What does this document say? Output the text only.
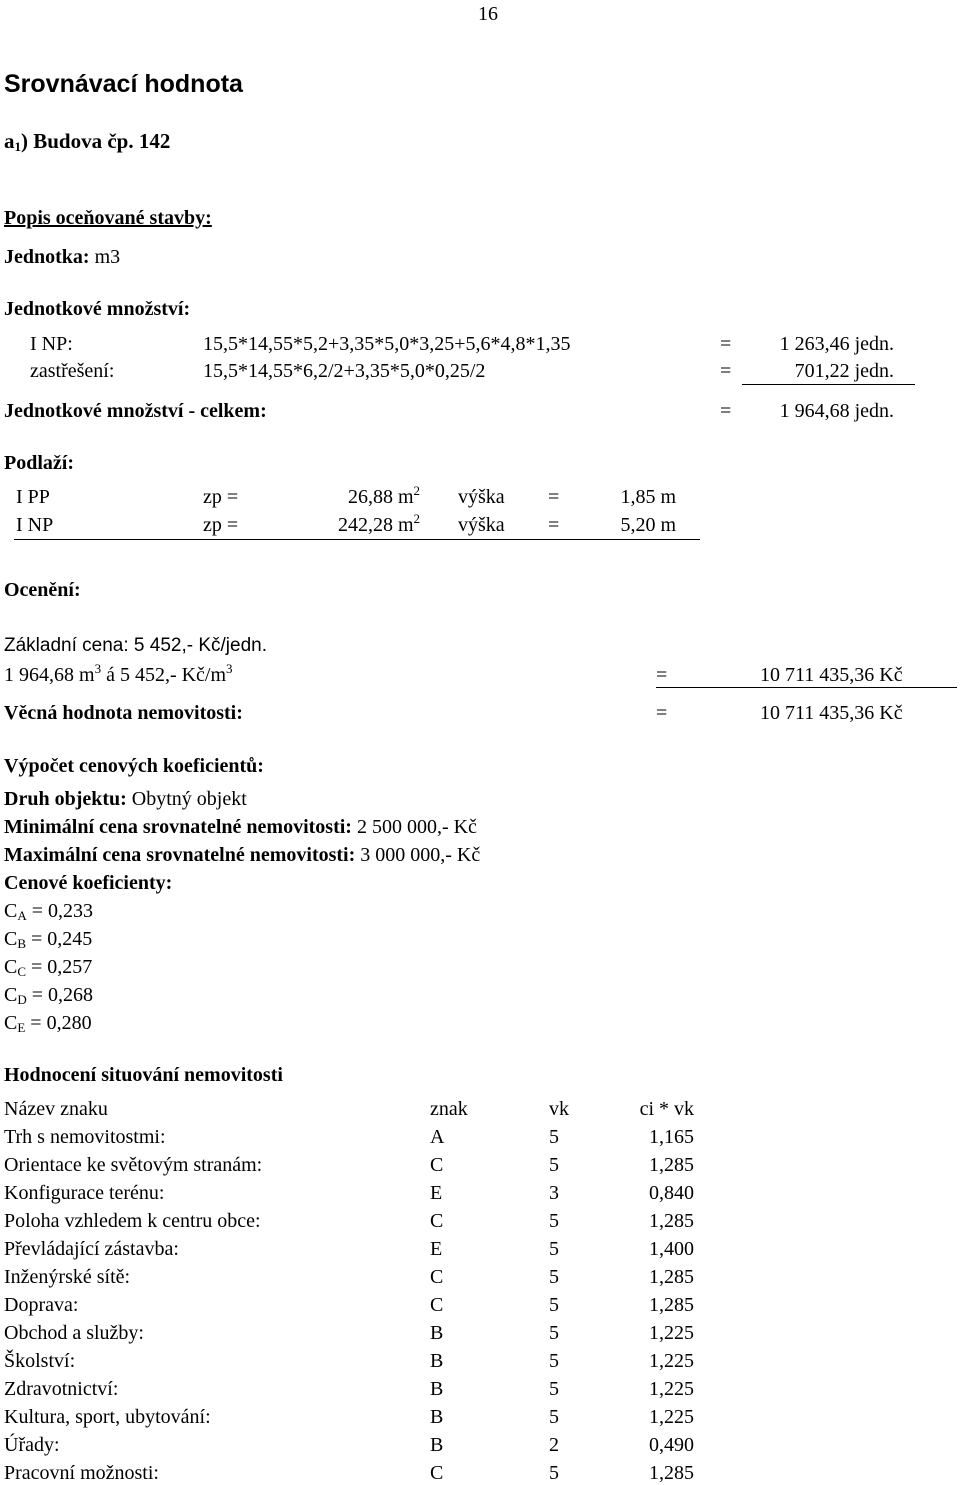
16
Srovnávací hodnota
$a_1$) Budova čp. 142
Popis oceňované stavby:
Jednotka: m3
Jednotkové množství:
I NP:	15,5*14,55*5,2+3,35*5,0*3,25+5,6*4,8*1,35	=	1 263,46 jedn.
zastřešení:	15,5*14,55*6,2/2+3,35*5,0*0,25/2	=	701,22 jedn.
Jednotkové množství - celkem:	=	1 964,68 jedn.
Podlaží:
I PP	zp =	26,88 $m^2$ výška =	1,85 m
I NP	zp =	242,28 $m^2$ výška =	5,20 m
Ocenění:
Základní cena: 5 452,- Kč/jedn.
1 964,68 $m^3$ á 5 452,- $Kč/m^3$	=	10 711 435,36 Kč
Věcná hodnota nemovitosti:	=	10 711 435,36 Kč
Výpočet cenových koeficientů:
Druh objektu: Obytný objekt
Minimální cena srovnatelné nemovitosti: 2 500 000,- Kč
Maximální cena srovnatelné nemovitosti: 3 000 000,- Kč
Cenové koeficienty:
$C_A = 0,233$
$C_B = 0,245$
$C_C = 0,257$
$C_D = 0,268$
$C_E = 0,280$
Hodnocení situování nemovitosti
Název znaku	znak	vk	ci * vk
Trh s nemovitostmi:	A	5	1,165
Orientace ke světovým stranám:	C	5	1,285
Konfigurace terénu:	E	3	0,840
Poloha vzhledem k centru obce:	C	5	1,285
Převládající zástavba:	E	5	1,400
Inženýrské sítě:	C	5	1,285
Doprava:	C	5	1,285
Obchod a služby:	B	5	1,225
Školství:	B	5	1,225
Zdravotnictví:	B	5	1,225
Kultura, sport, ubytování:	B	5	1,225
Úřady:	B	2	0,490
Pracovní možnosti:	C	5	1,285
